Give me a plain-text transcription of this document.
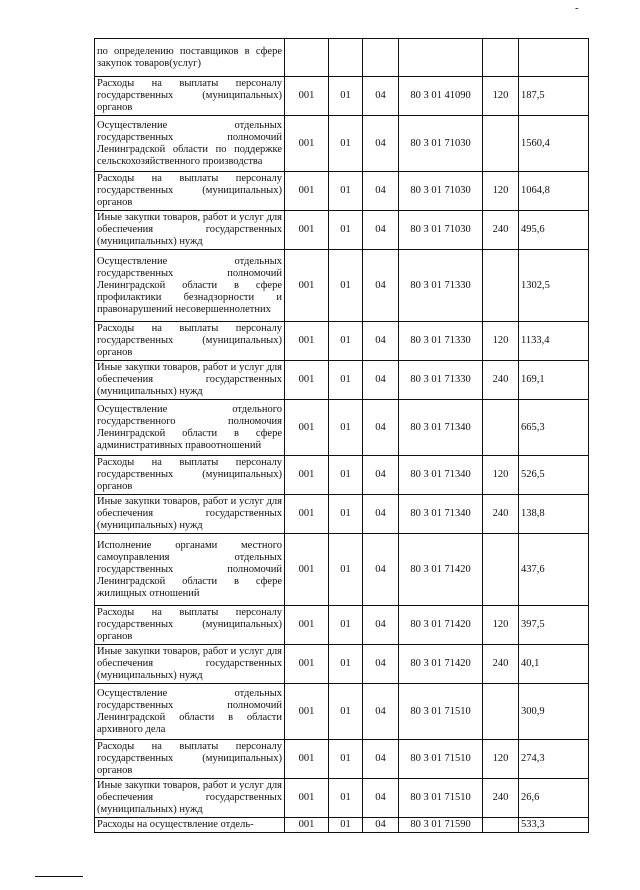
-
по определению поставщиков в сфере закупок товаров(услуг)						
Расходы на выплаты персоналу государственных (муниципальных) органов	001	01	04	80 3 01 41090	120	187,5
Осуществление отдельных государственных полномочий Ленинградской области по поддержке сельскохозяйственного производства	001	01	04	80 3 01 71030		1560,4
Расходы на выплаты персоналу государственных (муниципальных) органов	001	01	04	80 3 01 71030	120	1064,8
Иные закупки товаров, работ и услуг для обеспечения государственных (муниципальных) нужд	001	01	04	80 3 01 71030	240	495,6
Осуществление отдельных государственных полномочий Ленинградской области в сфере профилактики безнадзорности и правонарушений несовершеннолетних	001	01	04	80 3 01 71330		1302,5
Расходы на выплаты персоналу государственных (муниципальных) органов	001	01	04	80 3 01 71330	120	1133,4
Иные закупки товаров, работ и услуг для обеспечения государственных (муниципальных) нужд	001	01	04	80 3 01 71330	240	169,1
Осуществление отдельного государственного полномочия Ленинградской области в сфере административных правоотношений	001	01	04	80 3 01 71340		665,3
Расходы на выплаты персоналу государственных (муниципальных) органов	001	01	04	80 3 01 71340	120	526,5
Иные закупки товаров, работ и услуг для обеспечения государственных (муниципальных) нужд	001	01	04	80 3 01 71340	240	138,8
Исполнение органами местного самоуправления отдельных государственных полномочий Ленинградской области в сфере жилищных отношений	001	01	04	80 3 01 71420		437,6
Расходы на выплаты персоналу государственных (муниципальных) органов	001	01	04	80 3 01 71420	120	397,5
Иные закупки товаров, работ и услуг для обеспечения государственных (муниципальных) нужд	001	01	04	80 3 01 71420	240	40,1
Осуществление отдельных государственных полномочий Ленинградской области в области архивного дела	001	01	04	80 3 01 71510		300,9
Расходы на выплаты персоналу государственных (муниципальных) органов	001	01	04	80 3 01 71510	120	274,3
Иные закупки товаров, работ и услуг для обеспечения государственных (муниципальных) нужд	001	01	04	80 3 01 71510	240	26,6
Расходы на осуществление отдель-	001	01	04	80 3 01 71590		533,3
